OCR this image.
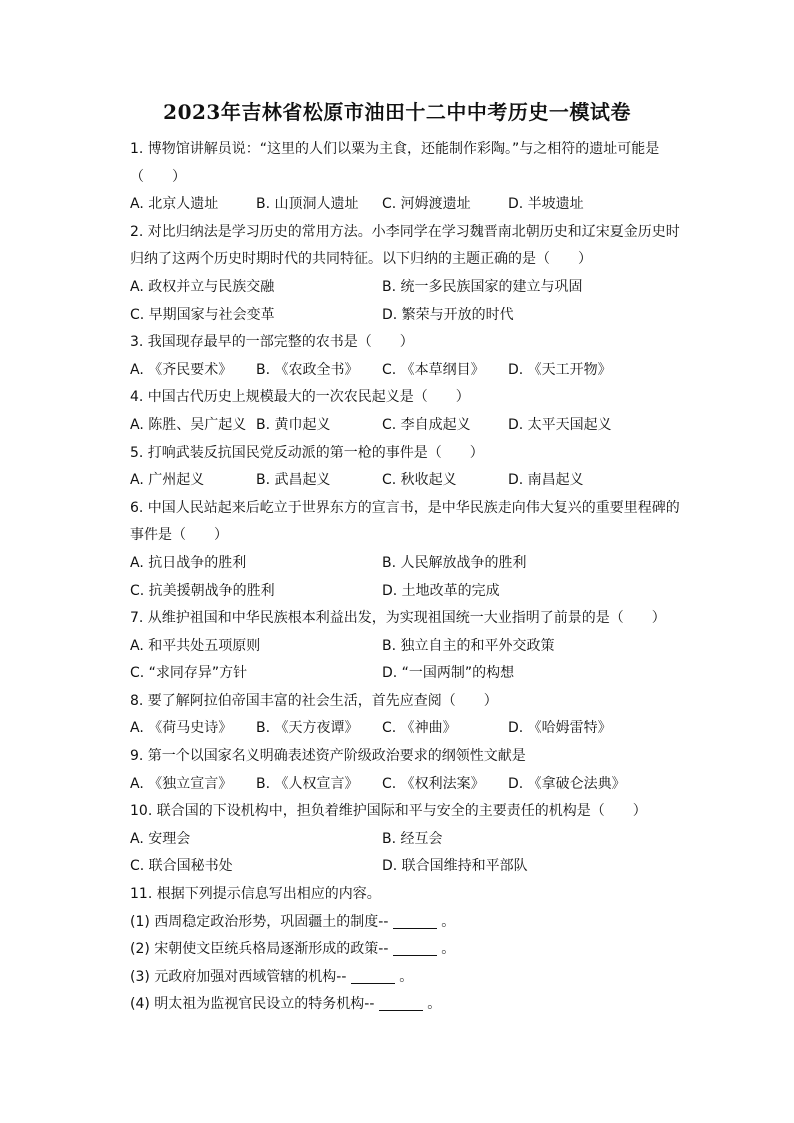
2023年吉林省松原市油田十二中中考历史一模试卷
1. 博物馆讲解员说：“这里的人们以粟为主食，还能制作彩陶。”与之相符的遗址可能是（　　）
A. 北京人遗址	B. 山顶洞人遗址	C. 河姆渡遗址	D. 半坡遗址
2. 对比归纳法是学习历史的常用方法。小李同学在学习魏晋南北朝历史和辽宋夏金历史时归纳了这两个历史时期时代的共同特征。以下归纳的主题正确的是（　　）
A. 政权并立与民族交融	B. 统一多民族国家的建立与巩固
C. 早期国家与社会变革	D. 繁荣与开放的时代
3. 我国现存最早的一部完整的农书是（　　）
A. 《齐民要术》	B. 《农政全书》	C. 《本草纲目》	D. 《天工开物》
4. 中国古代历史上规模最大的一次农民起义是（　　）
A. 陈胜、吴广起义 B. 黄巾起义	C. 李自成起义	D. 太平天国起义
5. 打响武装反抗国民党反动派的第一枪的事件是（　　）
A. 广州起义	B. 武昌起义	C. 秋收起义	D. 南昌起义
6. 中国人民站起来后屹立于世界东方的宣言书，是中华民族走向伟大复兴的重要里程碑的事件是（　　）
A. 抗日战争的胜利	B. 人民解放战争的胜利
C. 抗美援朝战争的胜利	D. 土地改革的完成
7. 从维护祖国和中华民族根本利益出发，为实现祖国统一大业指明了前景的是（　　）
A. 和平共处五项原则	B. 独立自主的和平外交政策
C. “求同存异”方针	D. “一国两制”的构想
8. 要了解阿拉伯帝国丰富的社会生活，首先应查阅（　　）
A. 《荷马史诗》	B. 《天方夜谭》	C. 《神曲》	D. 《哈姆雷特》
9. 第一个以国家名义明确表述资产阶级政治要求的纲领性文献是
A. 《独立宣言》	B. 《人权宣言》	C. 《权利法案》	D. 《拿破仑法典》
10. 联合国的下设机构中，担负着维护国际和平与安全的主要责任的机构是（　　）
A. 安理会	B. 经互会
C. 联合国秘书处	D. 联合国维持和平部队
11. 根据下列提示信息写出相应的内容。
(1) 西周稳定政治形势，巩固疆土的制度--	。
(2) 宋朝使文臣统兵格局逐渐形成的政策--	。
(3) 元政府加强对西域管辖的机构--	。
(4) 明太祖为监视官民设立的特务机构--	。
